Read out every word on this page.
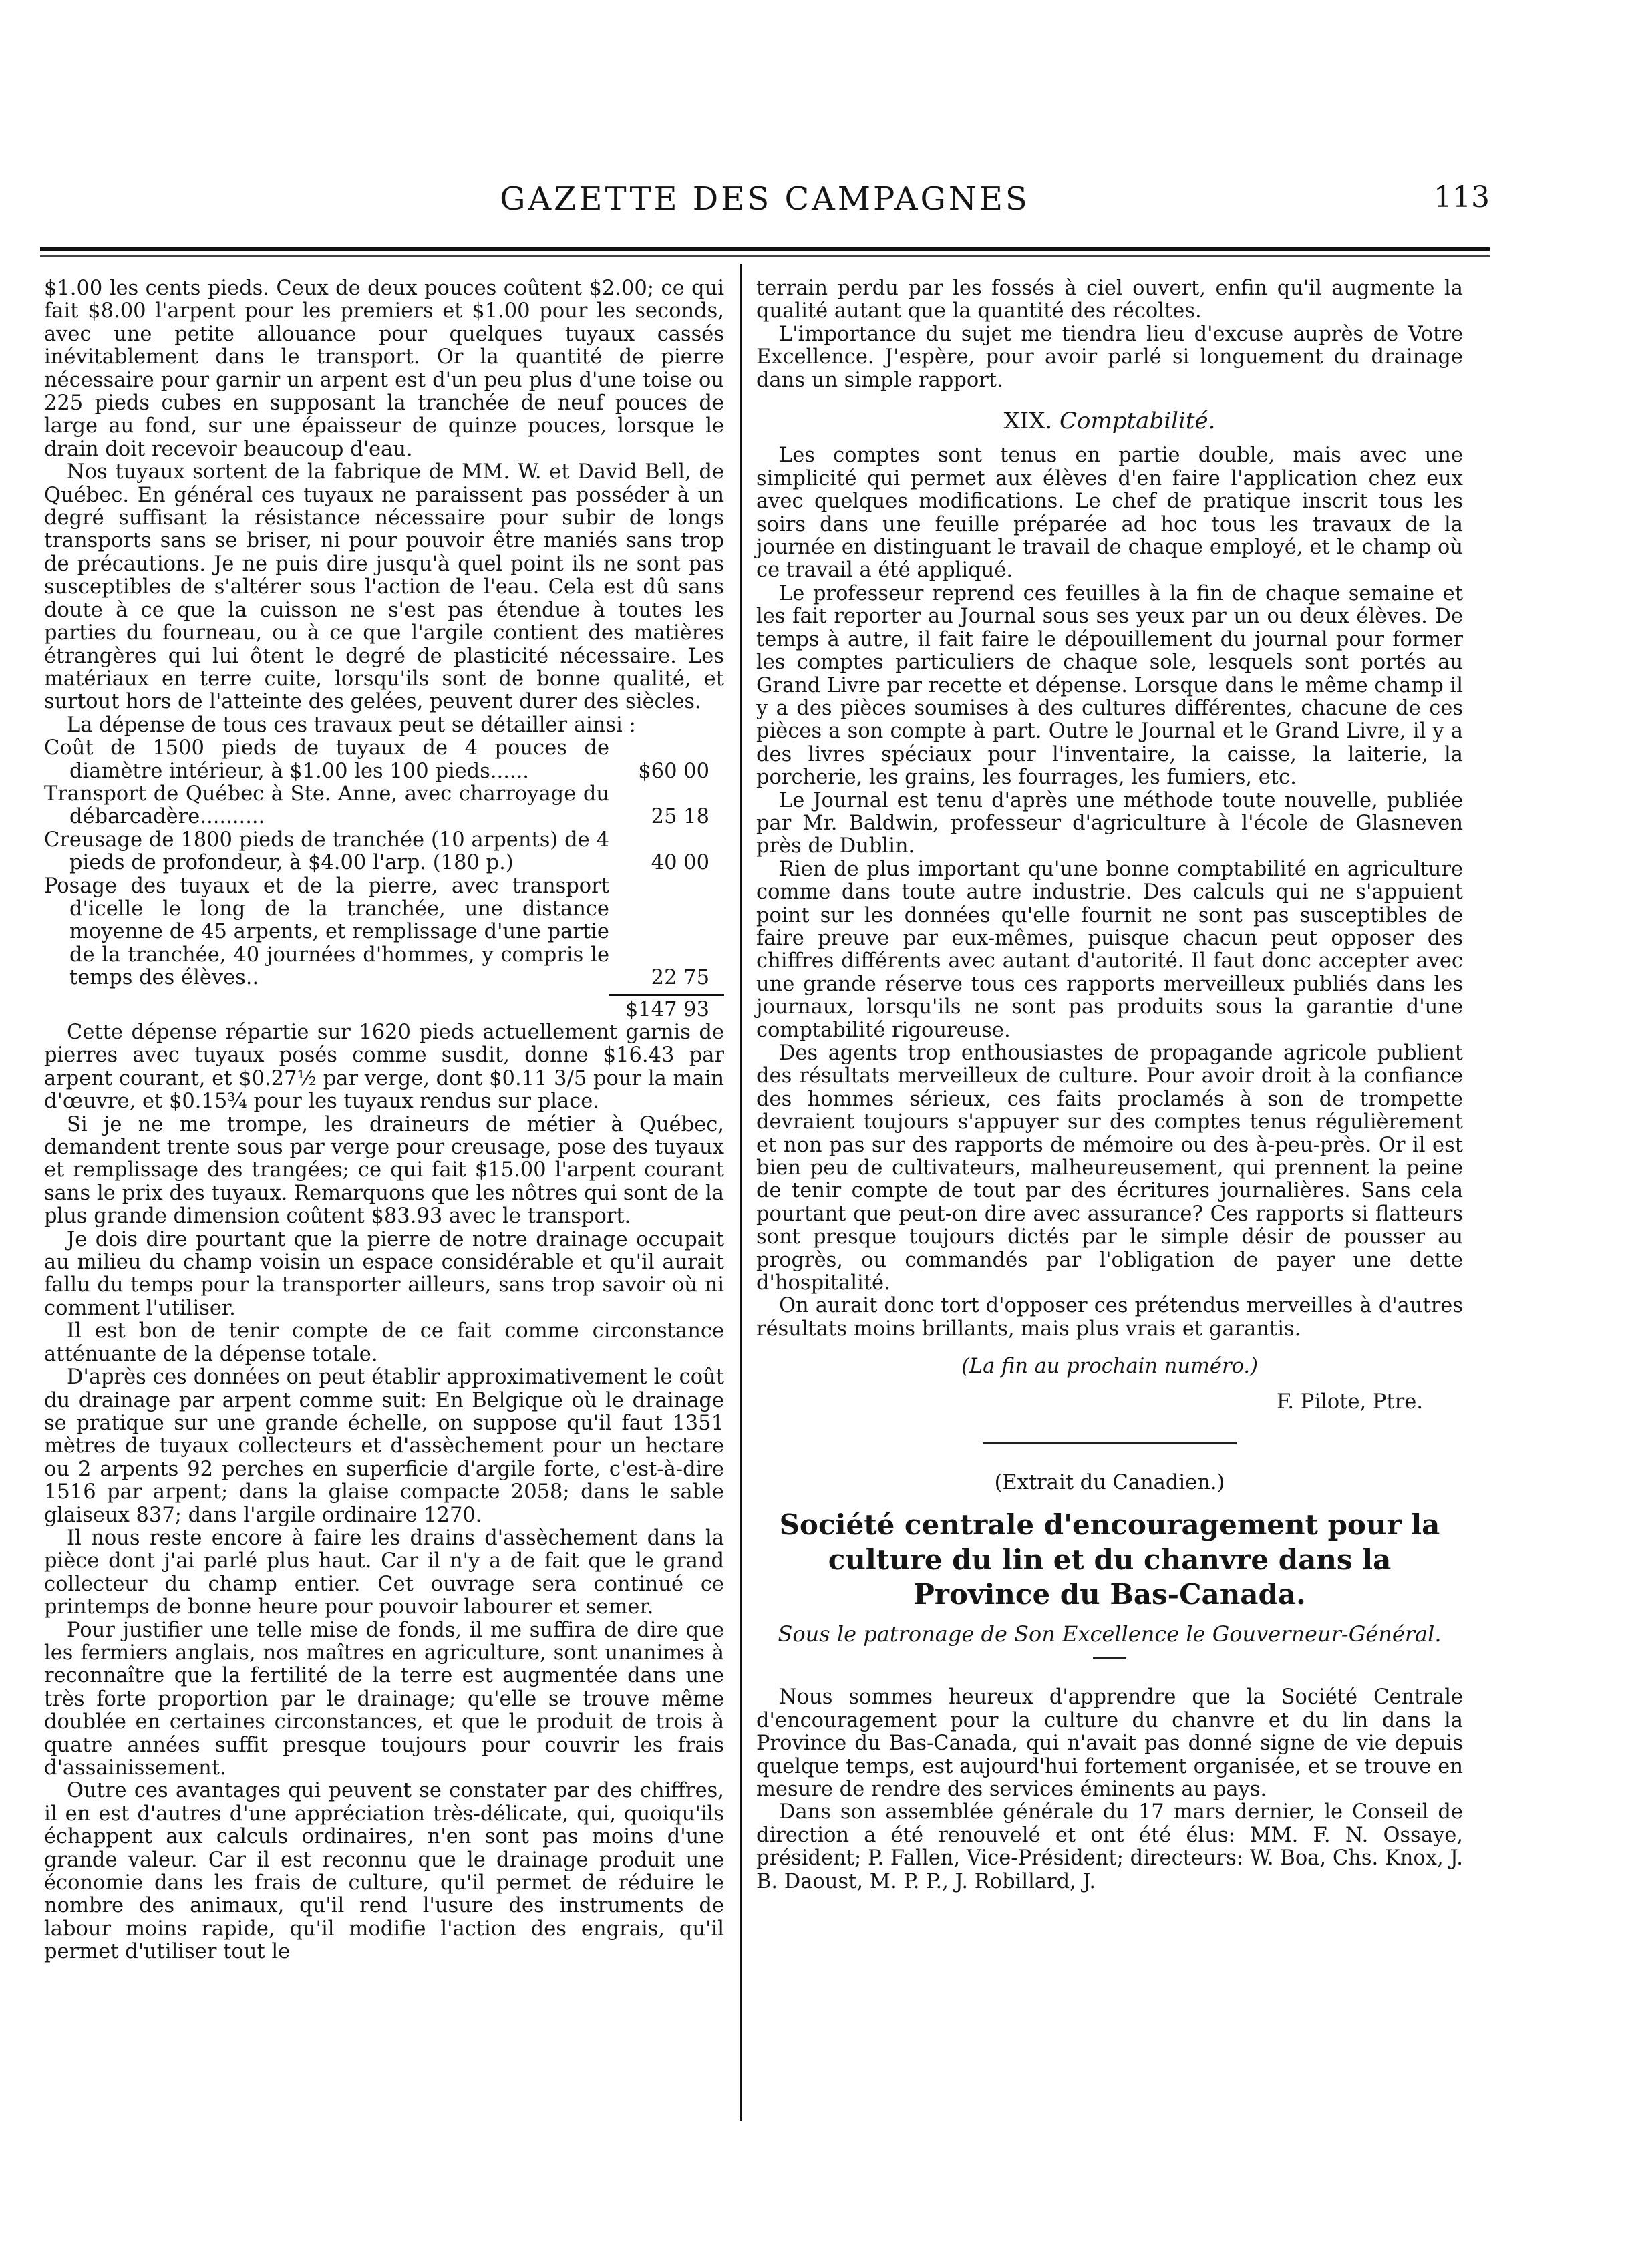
GAZETTE DES CAMPAGNES	113

$1.00 les cents pieds. Ceux de deux pouces coûtent $2.00; ce qui fait $8.00 l'arpent pour les premiers et $1.00 pour les seconds, avec une petite allouance pour quelques tuyaux cassés inévitablement dans le transport. Or la quantité de pierre nécessaire pour garnir un arpent est d'un peu plus d'une toise ou 225 pieds cubes en supposant la tranchée de neuf pouces de large au fond, sur une épaisseur de quinze pouces, lorsque le drain doit recevoir beaucoup d'eau.

Nos tuyaux sortent de la fabrique de MM. W. et David Bell, de Québec. En général ces tuyaux ne paraissent pas posséder à un degré suffisant la résistance nécessaire pour subir de longs transports sans se briser, ni pour pouvoir être maniés sans trop de précautions. Je ne puis dire jusqu'à quel point ils ne sont pas susceptibles de s'altérer sous l'action de l'eau. Cela est dû sans doute à ce que la cuisson ne s'est pas étendue à toutes les parties du fourneau, ou à ce que l'argile contient des matières étrangères qui lui ôtent le degré de plasticité nécessaire. Les matériaux en terre cuite, lorsqu'ils sont de bonne qualité, et surtout hors de l'atteinte des gelées, peuvent durer des siècles.

La dépense de tous ces travaux peut se détailler ainsi :

Coût de 1500 pieds de tuyaux de 4 pouces de diamètre intérieur, à $1.00 les 100 pieds......	$60 00
Transport de Québec à Ste. Anne, avec charroyage du débarcadère..........	25 18
Creusage de 1800 pieds de tranchée (10 arpents) de 4 pieds de profondeur, à $4.00 l'arp. (180 p.)	40 00
Posage des tuyaux et de la pierre, avec transport d'icelle le long de la tranchée, une distance moyenne de 45 arpents, et remplissage d'une partie de la tranchée, 40 journées d'hommes, y compris le temps des élèves..	22 75
$147 93

Cette dépense répartie sur 1620 pieds actuellement garnis de pierres avec tuyaux posés comme susdit, donne $16.43 par arpent courant, et $0.27½ par verge, dont $0.11 3/5 pour la main d'œuvre, et $0.15¾ pour les tuyaux rendus sur place.

Si je ne me trompe, les draineurs de métier à Québec, demandent trente sous par verge pour creusage, pose des tuyaux et remplissage des trangées; ce qui fait $15.00 l'arpent courant sans le prix des tuyaux. Remarquons que les nôtres qui sont de la plus grande dimension coûtent $83.93 avec le transport.

Je dois dire pourtant que la pierre de notre drainage occupait au milieu du champ voisin un espace considérable et qu'il aurait fallu du temps pour la transporter ailleurs, sans trop savoir où ni comment l'utiliser.

Il est bon de tenir compte de ce fait comme circonstance atténuante de la dépense totale.

D'après ces données on peut établir approximativement le coût du drainage par arpent comme suit: En Belgique où le drainage se pratique sur une grande échelle, on suppose qu'il faut 1351 mètres de tuyaux collecteurs et d'assèchement pour un hectare ou 2 arpents 92 perches en superficie d'argile forte, c'est-à-dire 1516 par arpent; dans la glaise compacte 2058; dans le sable glaiseux 837; dans l'argile ordinaire 1270.

Il nous reste encore à faire les drains d'assèchement dans la pièce dont j'ai parlé plus haut. Car il n'y a de fait que le grand collecteur du champ entier. Cet ouvrage sera continué ce printemps de bonne heure pour pouvoir labourer et semer.

Pour justifier une telle mise de fonds, il me suffira de dire que les fermiers anglais, nos maîtres en agriculture, sont unanimes à reconnaître que la fertilité de la terre est augmentée dans une très forte proportion par le drainage; qu'elle se trouve même doublée en certaines circonstances, et que le produit de trois à quatre années suffit presque toujours pour couvrir les frais d'assainissement.

Outre ces avantages qui peuvent se constater par des chiffres, il en est d'autres d'une appréciation très-délicate, qui, quoiqu'ils échappent aux calculs ordinaires, n'en sont pas moins d'une grande valeur. Car il est reconnu que le drainage produit une économie dans les frais de culture, qu'il permet de réduire le nombre des animaux, qu'il rend l'usure des instruments de labour moins rapide, qu'il modifie l'action des engrais, qu'il permet d'utiliser tout le

terrain perdu par les fossés à ciel ouvert, enfin qu'il augmente la qualité autant que la quantité des récoltes.

L'importance du sujet me tiendra lieu d'excuse auprès de Votre Excellence. J'espère, pour avoir parlé si longuement du drainage dans un simple rapport.

XIX. Comptabilité.

Les comptes sont tenus en partie double, mais avec une simplicité qui permet aux élèves d'en faire l'application chez eux avec quelques modifications. Le chef de pratique inscrit tous les soirs dans une feuille préparée ad hoc tous les travaux de la journée en distinguant le travail de chaque employé, et le champ où ce travail a été appliqué.

Le professeur reprend ces feuilles à la fin de chaque semaine et les fait reporter au Journal sous ses yeux par un ou deux élèves. De temps à autre, il fait faire le dépouillement du journal pour former les comptes particuliers de chaque sole, lesquels sont portés au Grand Livre par recette et dépense. Lorsque dans le même champ il y a des pièces soumises à des cultures différentes, chacune de ces pièces a son compte à part. Outre le Journal et le Grand Livre, il y a des livres spéciaux pour l'inventaire, la caisse, la laiterie, la porcherie, les grains, les fourrages, les fumiers, etc.

Le Journal est tenu d'après une méthode toute nouvelle, publiée par Mr. Baldwin, professeur d'agriculture à l'école de Glasneven près de Dublin.

Rien de plus important qu'une bonne comptabilité en agriculture comme dans toute autre industrie. Des calculs qui ne s'appuient point sur les données qu'elle fournit ne sont pas susceptibles de faire preuve par eux-mêmes, puisque chacun peut opposer des chiffres différents avec autant d'autorité. Il faut donc accepter avec une grande réserve tous ces rapports merveilleux publiés dans les journaux, lorsqu'ils ne sont pas produits sous la garantie d'une comptabilité rigoureuse.

Des agents trop enthousiastes de propagande agricole publient des résultats merveilleux de culture. Pour avoir droit à la confiance des hommes sérieux, ces faits proclamés à son de trompette devraient toujours s'appuyer sur des comptes tenus régulièrement et non pas sur des rapports de mémoire ou des à-peu-près. Or il est bien peu de cultivateurs, malheureusement, qui prennent la peine de tenir compte de tout par des écritures journalières. Sans cela pourtant que peut-on dire avec assurance? Ces rapports si flatteurs sont presque toujours dictés par le simple désir de pousser au progrès, ou commandés par l'obligation de payer une dette d'hospitalité.

On aurait donc tort d'opposer ces prétendus merveilles à d'autres résultats moins brillants, mais plus vrais et garantis.

(La fin au prochain numéro.)
F. Pilote, Ptre.
(Extrait du Canadien.)
Société centrale d'encouragement pour la culture du lin et du chanvre dans la Province du Bas-Canada.
Sous le patronage de Son Excellence le Gouverneur-Général.

Nous sommes heureux d'apprendre que la Société Centrale d'encouragement pour la culture du chanvre et du lin dans la Province du Bas-Canada, qui n'avait pas donné signe de vie depuis quelque temps, est aujourd'hui fortement organisée, et se trouve en mesure de rendre des services éminents au pays.

Dans son assemblée générale du 17 mars dernier, le Conseil de direction a été renouvelé et ont été élus: MM. F. N. Ossaye, président; P. Fallen, Vice-Président; directeurs: W. Boa, Chs. Knox, J. B. Daoust, M. P. P., J. Robillard, J.
